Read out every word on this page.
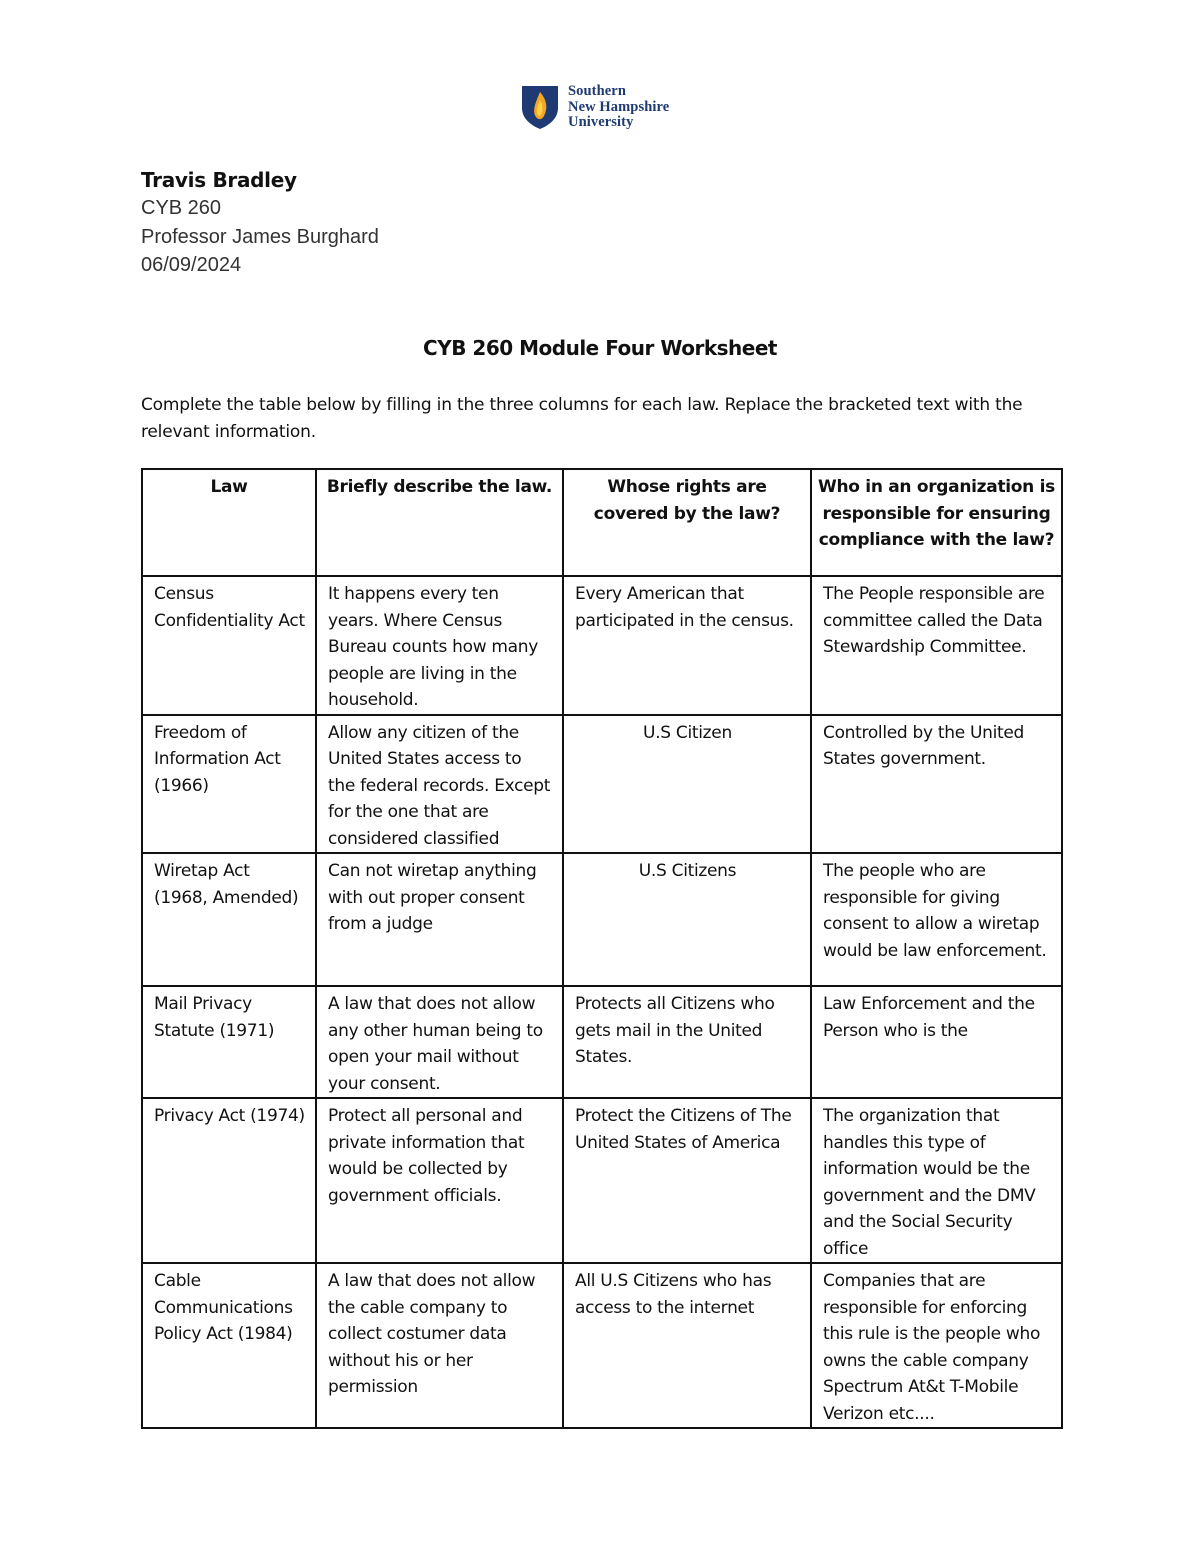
Southern
New Hampshire
University
Travis Bradley
CYB 260
Professor James Burghard
06/09/2024
CYB 260 Module Four Worksheet
Complete the table below by filling in the three columns for each law. Replace the bracketed text with the relevant information.
Law	Briefly describe the law.	Whose rights are covered by the law?	Who in an organization is responsible for ensuring compliance with the law?
Census Confidentiality Act	It happens every ten years. Where Census Bureau counts how many people are living in the household.	Every American that participated in the census.	The People responsible are committee called the Data Stewardship Committee.
Freedom of Information Act (1966)	Allow any citizen of the United States access to the federal records. Except for the one that are considered classified	U.S Citizen	Controlled by the United States government.
Wiretap Act (1968, Amended)	Can not wiretap anything with out proper consent from a judge	U.S Citizens	The people who are responsible for giving consent to allow a wiretap would be law enforcement.
Mail Privacy Statute (1971)	A law that does not allow any other human being to open your mail without your consent.	Protects all Citizens who gets mail in the United States.	Law Enforcement and the Person who is the
Privacy Act (1974)	Protect all personal and private information that would be collected by government officials.	Protect the Citizens of The United States of America	The organization that handles this type of information would be the government and the DMV and the Social Security office
Cable Communications Policy Act (1984)	A law that does not allow the cable company to collect costumer data without his or her permission	All U.S Citizens who has access to the internet	Companies that are responsible for enforcing this rule is the people who owns the cable company Spectrum At&t T-Mobile Verizon etc....
